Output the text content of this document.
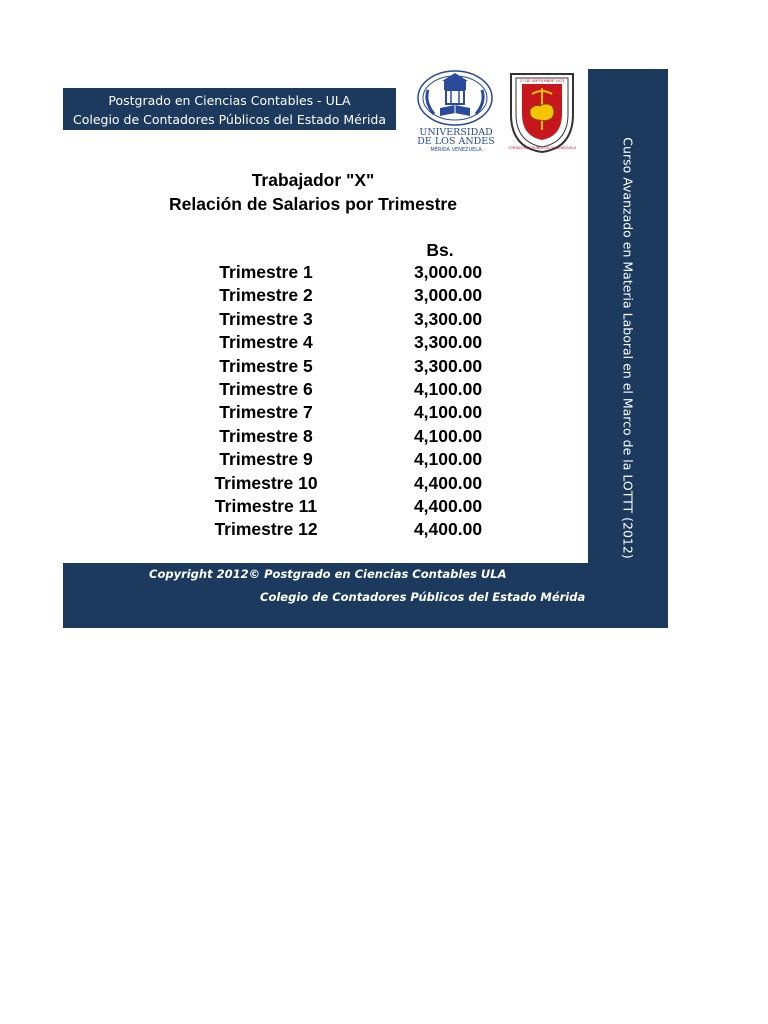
Postgrado en Ciencias Contables - ULA
Colegio de Contadores Públicos del Estado Mérida
UNIVERSIDAD
DE LOS ANDES
MÉRIDA VENEZUELA
27 DE SEPTIEMBRE 1973
CONTADORES PUBLICOS DE VENEZUELA	Curso Avanzado en Materia Laboral en el Marco de la LOTTT (2012)
Trabajador "X"
Relación de Salarios por Trimestre
Bs.
Trimestre 1	3,000.00
Trimestre 2	3,000.00
Trimestre 3	3,300.00
Trimestre 4	3,300.00
Trimestre 5	3,300.00
Trimestre 6	4,100.00
Trimestre 7	4,100.00
Trimestre 8	4,100.00
Trimestre 9	4,100.00
Trimestre 10	4,400.00
Trimestre 11	4,400.00
Trimestre 12	4,400.00
Copyright 2012© Postgrado en Ciencias Contables ULA
Colegio de Contadores Públicos del Estado Mérida
